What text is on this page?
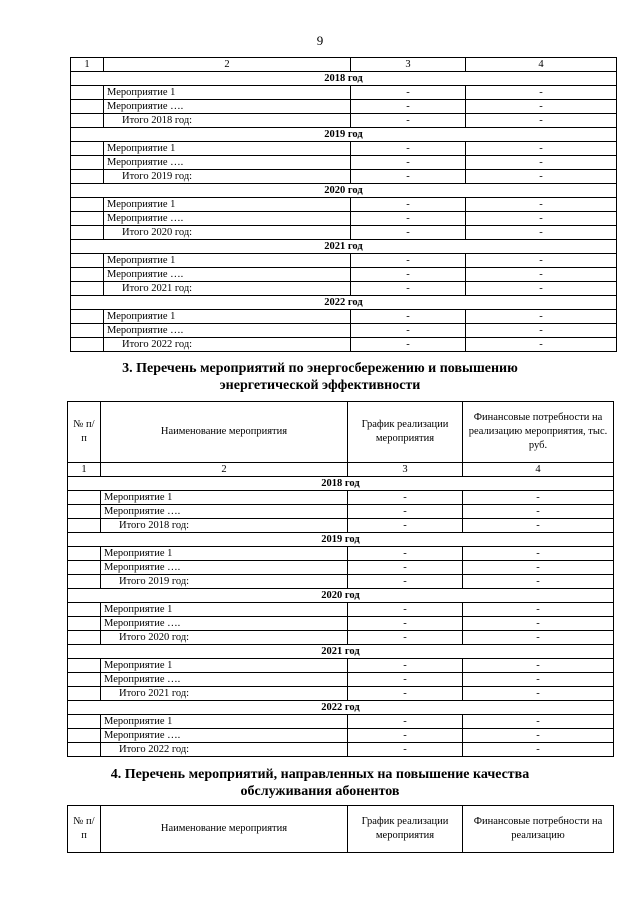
9
1	2	3	4
2018 год			
	Мероприятие 1	-	-
	Мероприятие ….	-	-
	Итого 2018 год:	-	-
2019 год			
	Мероприятие 1	-	-
	Мероприятие ….	-	-
	Итого 2019 год:	-	-
2020 год			
	Мероприятие 1	-	-
	Мероприятие ….	-	-
	Итого 2020 год:	-	-
2021 год			
	Мероприятие 1	-	-
	Мероприятие ….	-	-
	Итого 2021 год:	-	-
2022 год			
	Мероприятие 1	-	-
	Мероприятие ….	-	-
	Итого 2022 год:	-	-
3. Перечень мероприятий по энергосбережению и повышению
энергетической эффективности
№ п/п	Наименование мероприятия	График реализации мероприятия	Финансовые потребности на реализацию мероприятия, тыс. руб.
1	2	3	4
2018 год			
	Мероприятие 1	-	-
	Мероприятие ….	-	-
	Итого 2018 год:	-	-
2019 год			
	Мероприятие 1	-	-
	Мероприятие ….	-	-
	Итого 2019 год:	-	-
2020 год			
	Мероприятие 1	-	-
	Мероприятие ….	-	-
	Итого 2020 год:	-	-
2021 год			
	Мероприятие 1	-	-
	Мероприятие ….	-	-
	Итого 2021 год:	-	-
2022 год			
	Мероприятие 1	-	-
	Мероприятие ….	-	-
	Итого 2022 год:	-	-
4. Перечень мероприятий, направленных на повышение качества
обслуживания абонентов
№ п/п	Наименование мероприятия	График реализации мероприятия	Финансовые потребности на реализацию
